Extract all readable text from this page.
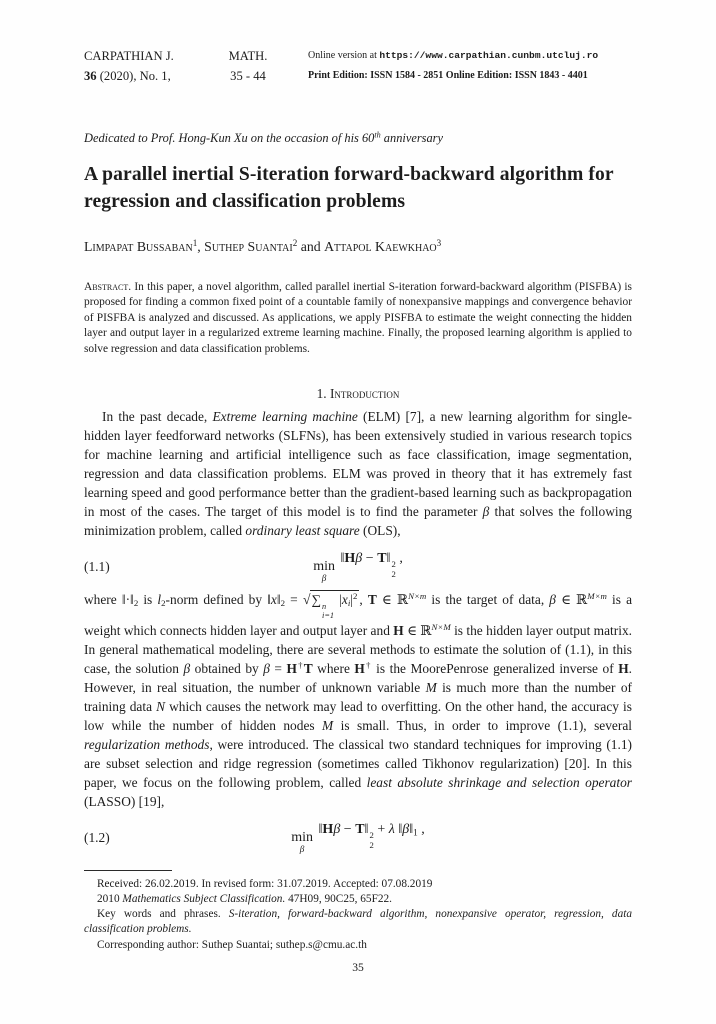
CARPATHIAN J.
36 (2020), No. 1,
MATH.
35 - 44
Online version at https://www.carpathian.cunbm.utcluj.ro
Print Edition: ISSN 1584 - 2851 Online Edition: ISSN 1843 - 4401
Dedicated to Prof. Hong-Kun Xu on the occasion of his 60th anniversary
A parallel inertial S-iteration forward-backward algorithm for regression and classification problems
Limpapat Bussaban$^1$, Suthep Suantai$^2$ and Attapol Kaewkhao$^3$
Abstract. In this paper, a novel algorithm, called parallel inertial S-iteration forward-backward algorithm (PISFBA) is proposed for finding a common fixed point of a countable family of nonexpansive mappings and convergence behavior of PISFBA is analyzed and discussed. As applications, we apply PISFBA to estimate the weight connecting the hidden layer and output layer in a regularized extreme learning machine. Finally, the proposed learning algorithm is applied to solve regression and data classification problems.
1. Introduction
In the past decade, Extreme learning machine (ELM) [7], a new learning algorithm for single-hidden layer feedforward networks (SLFNs), has been extensively studied in various research topics for machine learning and artificial intelligence such as face classification, image segmentation, regression and data classification problems. ELM was proved in theory that it has extremely fast learning speed and good performance better than the gradient-based learning such as backpropagation in most of the cases. The target of this model is to find the parameter β that solves the following minimization problem, called ordinary least square (OLS),
(1.1)	min
β
‖Hβ − T‖ 2
2
,
where $‖\cdot‖_2$ is $l_2$-norm defined by $‖x‖_2$ = √∑ n
i=1
$|x_i|^2$ , T ∈ ℝ$^{N\times m}$ is the target of data, β ∈ ℝ$^{M\times m}$ is a weight which connects hidden layer and output layer and H ∈ ℝ$^{N\times M}$ is the hidden layer output matrix. In general mathematical modeling, there are several methods to estimate the solution of (1.1), in this case, the solution β obtained by β = H†T where H† is the MoorePenrose generalized inverse of H. However, in real situation, the number of unknown variable M is much more than the number of training data N which causes the network may lead to overfitting. On the other hand, the accuracy is low while the number of hidden nodes M is small. Thus, in order to improve (1.1), several regularization methods, were introduced. The classical two standard techniques for improving (1.1) are subset selection and ridge regression (sometimes called Tikhonov regularization) [20]. In this paper, we focus on the following problem, called least absolute shrinkage and selection operator (LASSO) [19],
(1.2)	min
β
‖Hβ − T‖ 2
2
+ λ $‖\beta‖_1$ ,
Received: 26.02.2019. In revised form: 31.07.2019. Accepted: 07.08.2019
2010 Mathematics Subject Classification. 47H09, 90C25, 65F22.
Key words and phrases. S-iteration, forward-backward algorithm, nonexpansive operator, regression, data classification problems.
Corresponding author: Suthep Suantai; suthep.s@cmu.ac.th
35
